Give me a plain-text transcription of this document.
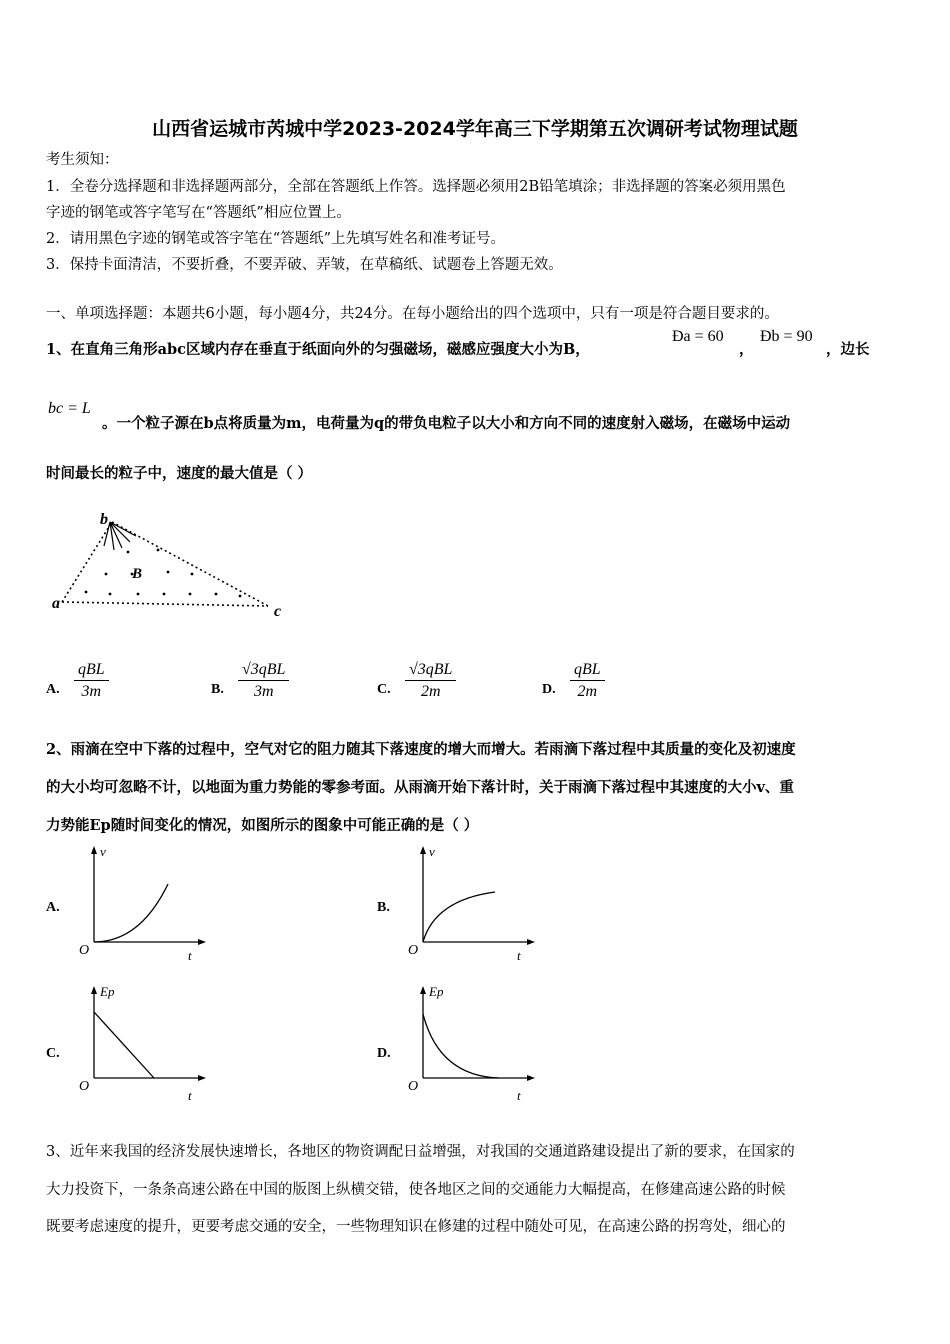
山西省运城市芮城中学2023-2024学年高三下学期第五次调研考试物理试题
考生须知：
1．全卷分选择题和非选择题两部分，全部在答题纸上作答。选择题必须用2B铅笔填涂；非选择题的答案必须用黑色
字迹的钢笔或答字笔写在“答题纸”相应位置上。
2．请用黑色字迹的钢笔或答字笔在“答题纸”上先填写姓名和准考证号。
3．保持卡面清洁，不要折叠，不要弄破、弄皱，在草稿纸、试题卷上答题无效。
一、单项选择题：本题共6小题，每小题4分，共24分。在每小题给出的四个选项中，只有一项是符合题目要求的。
1、在直角三角形abc区域内存在垂直于纸面向外的匀强磁场，磁感应强度大小为B，
Ða = 60
，
Ðb = 90
，边长
bc = L
。一个粒子源在b点将质量为m，电荷量为q的带负电粒子以大小和方向不同的速度射入磁场，在磁场中运动
时间最长的粒子中，速度的最大值是（ ）
b
B
a	c
A.
qBL
3m	B.
√3qBL
3m	C.
√3qBL
2m	D.
qBL
2m
2、雨滴在空中下落的过程中，空气对它的阻力随其下落速度的增大而增大。若雨滴下落过程中其质量的变化及初速度
的大小均可忽略不计，以地面为重力势能的零参考面。从雨滴开始下落计时，关于雨滴下落过程中其速度的大小v、重
力势能Ep随时间变化的情况，如图所示的图象中可能正确的是（ ）
A.
v
t
O
B.
v
t
O
C.
Ep
t
O
D.
Ep
t
O
3、近年来我国的经济发展快速增长，各地区的物资调配日益增强，对我国的交通道路建设提出了新的要求，在国家的
大力投资下，一条条高速公路在中国的版图上纵横交错，使各地区之间的交通能力大幅提高，在修建高速公路的时候
既要考虑速度的提升，更要考虑交通的安全，一些物理知识在修建的过程中随处可见，在高速公路的拐弯处，细心的
